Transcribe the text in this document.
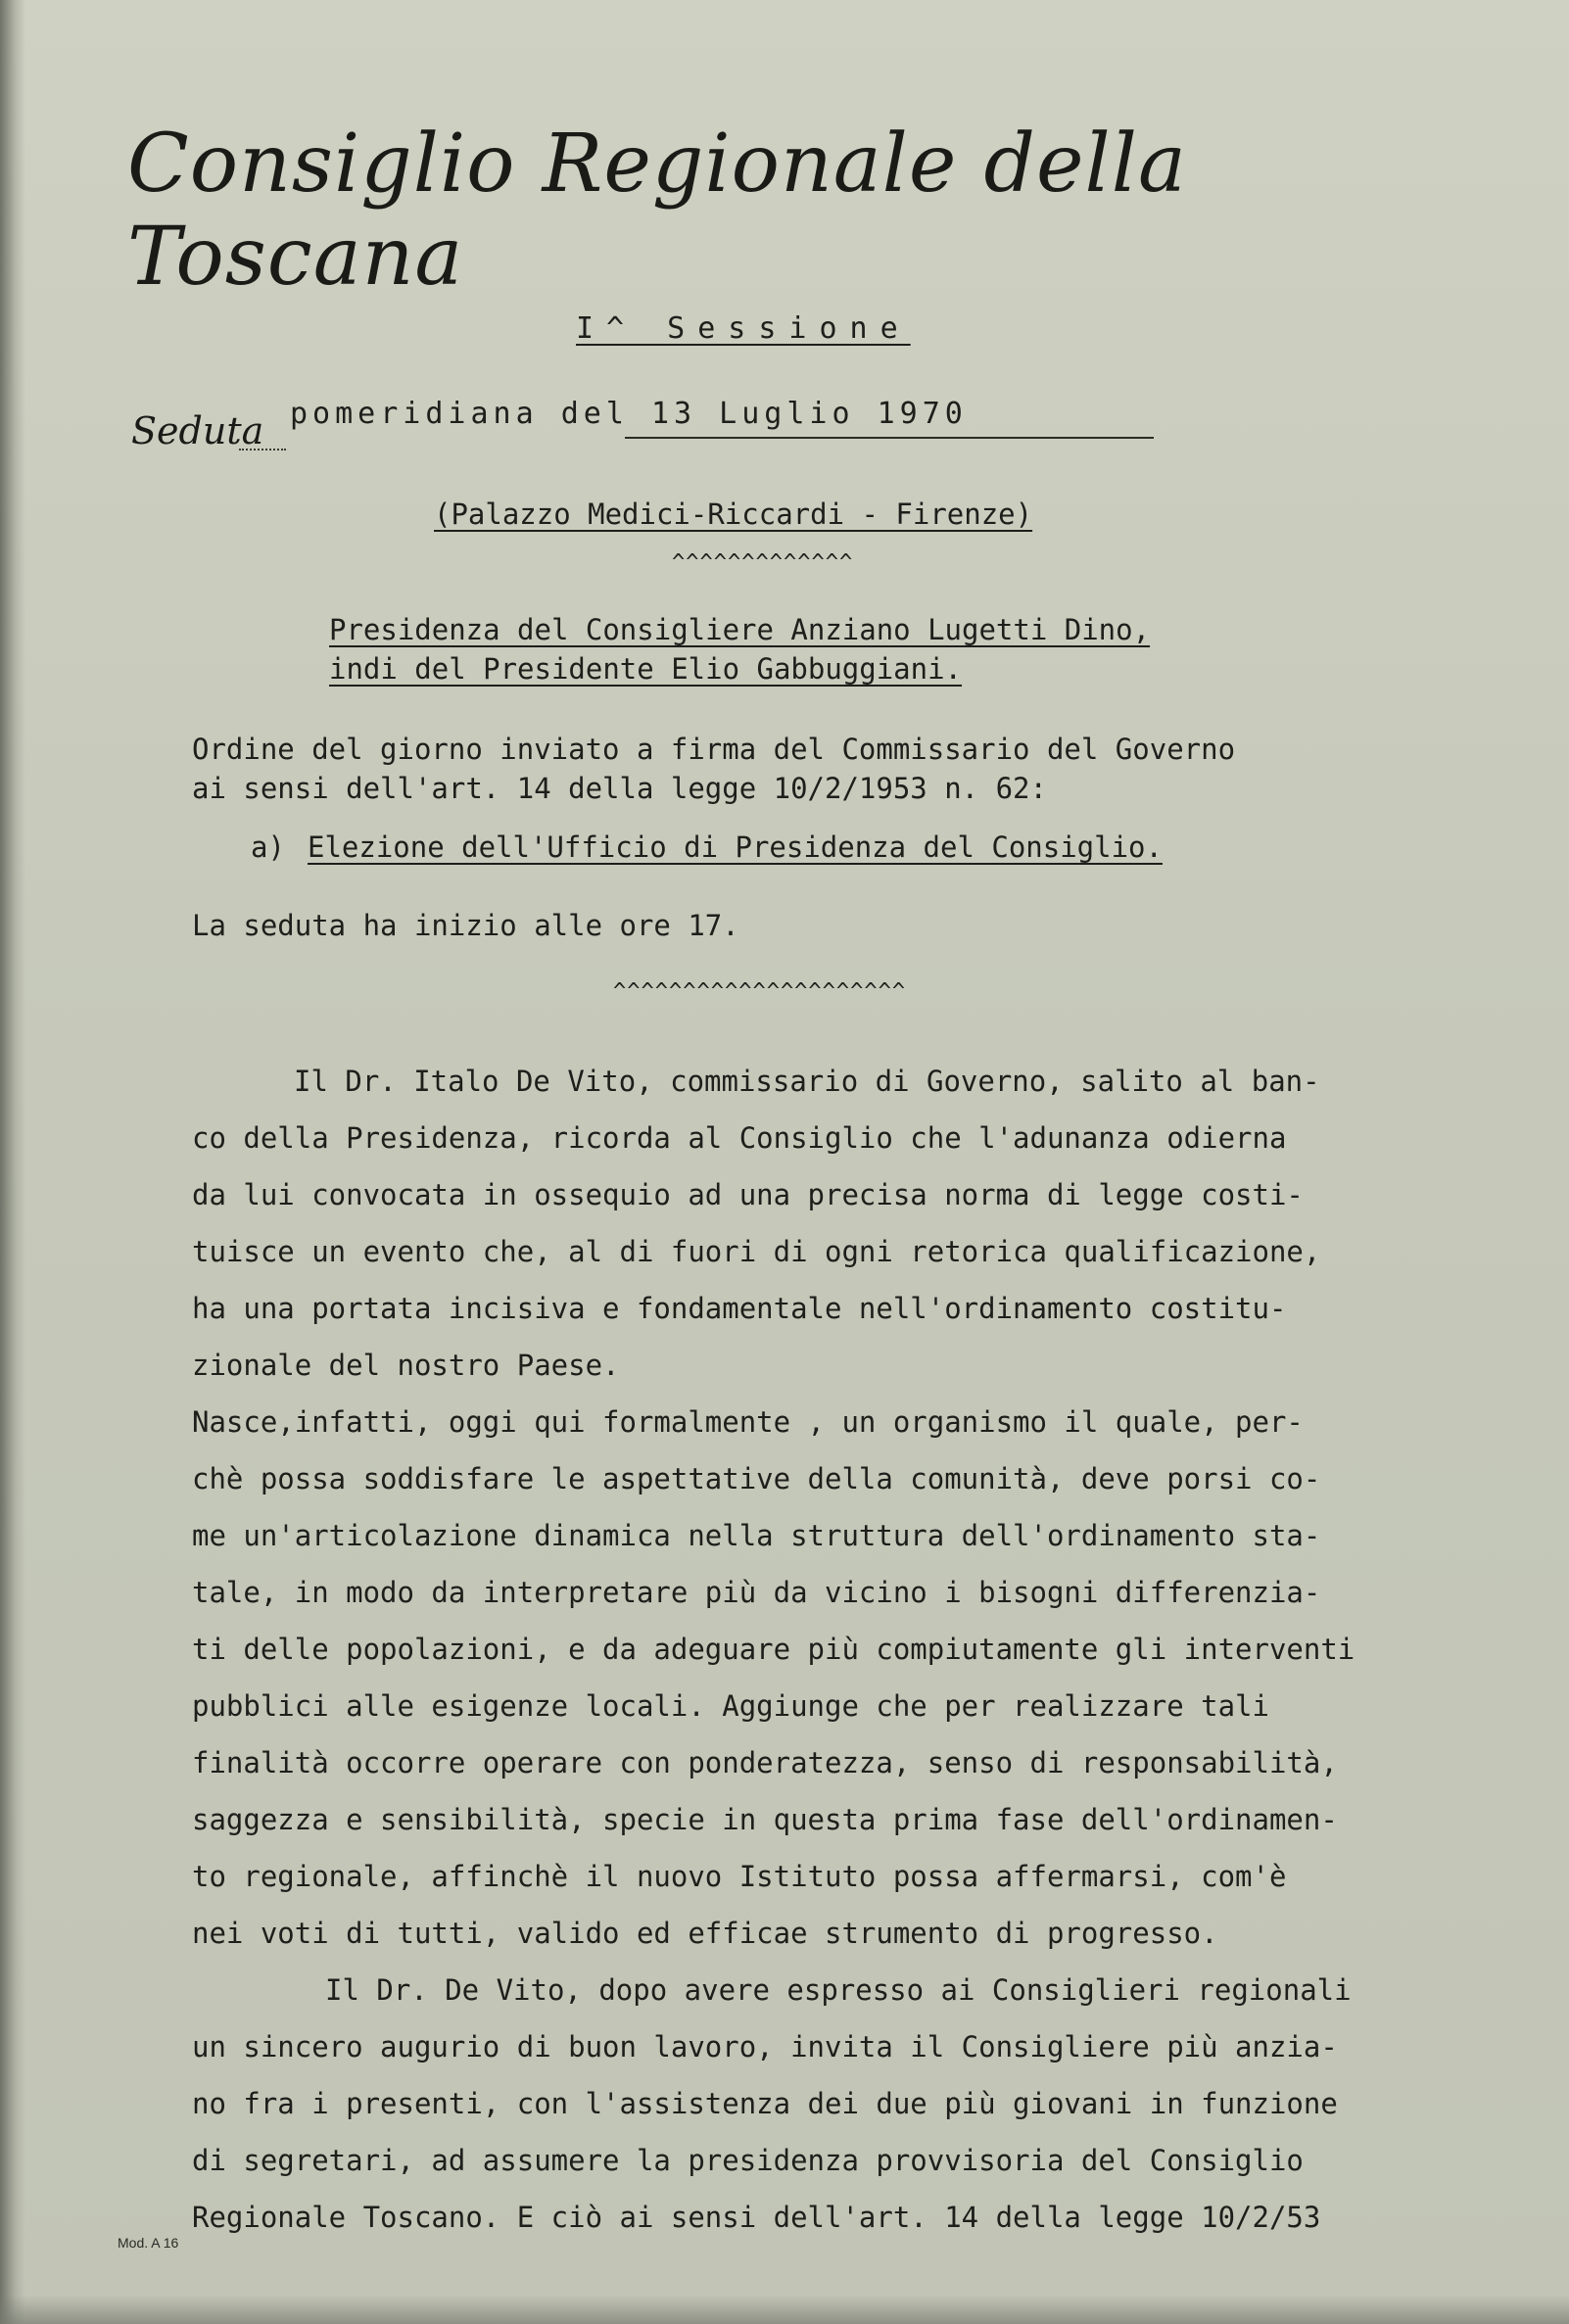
Consiglio Regionale della Toscana
I^ Sessione
Seduta pomeridiana del 13 Luglio 1970
(Palazzo Medici-Riccardi - Firenze)
^^^^^^^^^^^^^
Presidenza del Consigliere Anziano Lugetti Dino,
indi del Presidente Elio Gabbuggiani.
Ordine del giorno inviato a firma del Commissario del Governo
ai sensi dell'art. 14 della legge 10/2/1953 n. 62:
a) Elezione dell'Ufficio di Presidenza del Consiglio.
La seduta ha inizio alle ore 17.
^^^^^^^^^^^^^^^^^^^^^
Il Dr. Italo De Vito, commissario di Governo, salito al ban-
co della Presidenza, ricorda al Consiglio che l'adunanza odierna
da lui convocata in ossequio ad una precisa norma di legge costi-
tuisce un evento che, al di fuori di ogni retorica qualificazione,
ha una portata incisiva e fondamentale nell'ordinamento costitu-
zionale del nostro Paese.
Nasce,infatti, oggi qui formalmente , un organismo il quale, per-
chè possa soddisfare le aspettative della comunità, deve porsi co-
me un'articolazione dinamica nella struttura dell'ordinamento sta-
tale, in modo da interpretare più da vicino i bisogni differenzia-
ti delle popolazioni, e da adeguare più compiutamente gli interventi
pubblici alle esigenze locali. Aggiunge che per realizzare tali
finalità occorre operare con ponderatezza, senso di responsabilità,
saggezza e sensibilità, specie in questa prima fase dell'ordinamen-
to regionale, affinchè il nuovo Istituto possa affermarsi, com'è
nei voti di tutti, valido ed efficae strumento di progresso.
Il Dr. De Vito, dopo avere espresso ai Consiglieri regionali
un sincero augurio di buon lavoro, invita il Consigliere più anzia-
no fra i presenti, con l'assistenza dei due più giovani in funzione
di segretari, ad assumere la presidenza provvisoria del Consiglio
Regionale Toscano. E ciò ai sensi dell'art. 14 della legge 10/2/53
Mod. A 16
